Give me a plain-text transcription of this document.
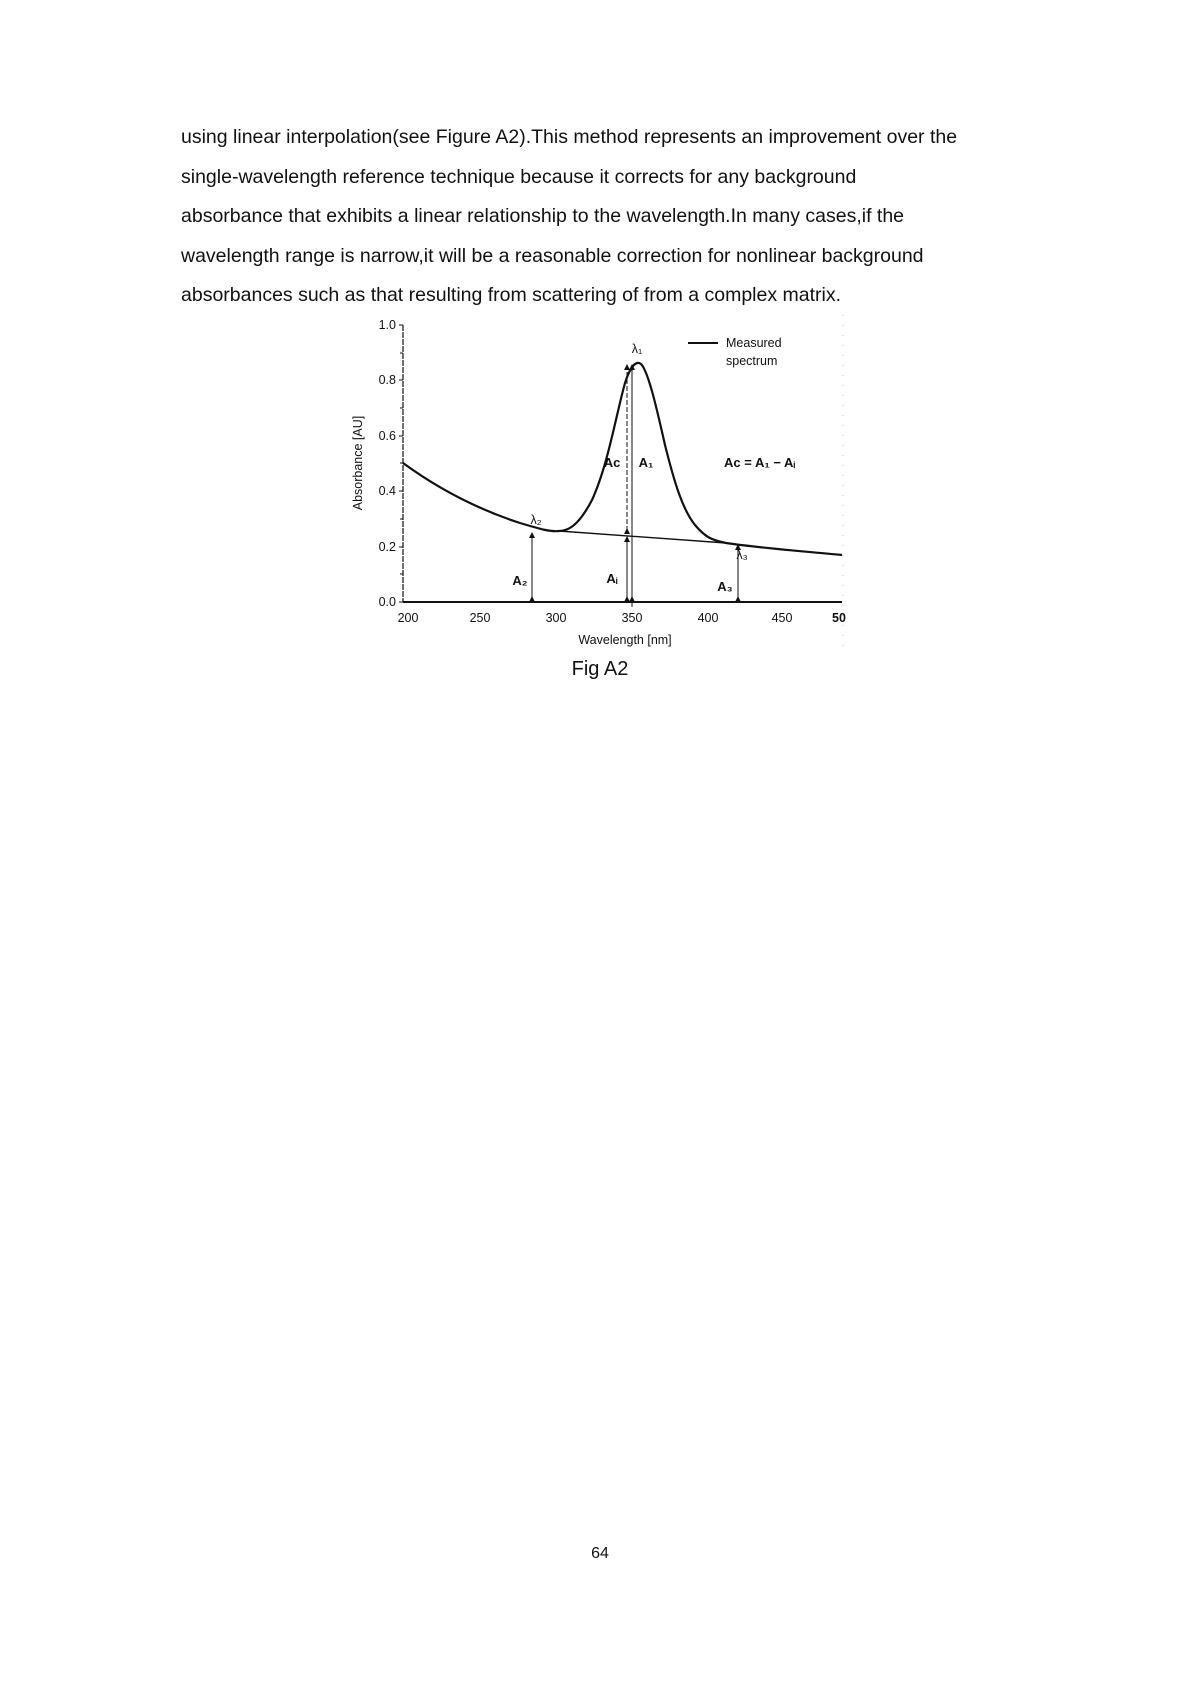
using linear interpolation(see Figure A2).This method represents an improvement over the
single-wavelength reference technique because it corrects for any background
absorbance that exhibits a linear relationship to the wavelength.In many cases,if the
wavelength range is narrow,it will be a reasonable correction for nonlinear background
absorbances such as that resulting from scattering of from a complex matrix.
0.0
0.2
0.4
0.6
0.8
1.0
200	250	300	350	400	450	50
Wavelength [nm]
Absorbance [AU]
λ₁
λ₂
λ₃
Aᴄ A₁
Aᵢ
A₂	A₃
Aᴄ = A₁ − Aᵢ
Measured
spectrum
Fig A2
64
